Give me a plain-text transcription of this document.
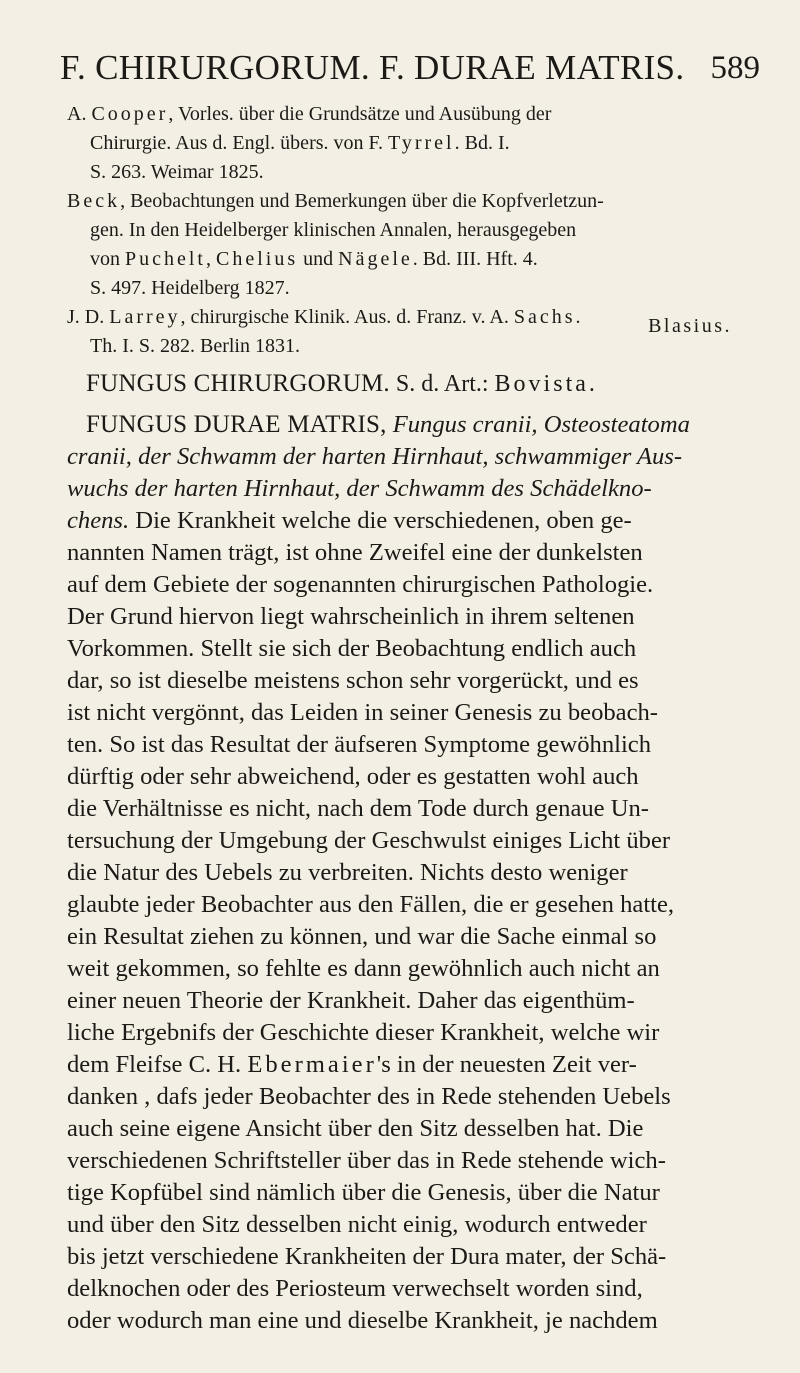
F. CHIRURGORUM. F. DURAE MATRIS. 589
A. Cooper, Vorles. über die Grundsätze und Ausübung der
Chirurgie. Aus d. Engl. übers. von F. Tyrrel. Bd. I.
S. 263. Weimar 1825.
Beck, Beobachtungen und Bemerkungen über die Kopfverletzun-
gen. In den Heidelberger klinischen Annalen, herausgegeben
von Puchelt, Chelius und Nägele. Bd. III. Hft. 4.
S. 497. Heidelberg 1827.
J. D. Larrey, chirurgische Klinik. Aus. d. Franz. v. A. Sachs.
Th. I. S. 282. Berlin 1831.
Blasius.
FUNGUS CHIRURGORUM. S. d. Art.: Bovista.
FUNGUS DURAE MATRIS, Fungus cranii, Osteosteatoma
cranii, der Schwamm der harten Hirnhaut, schwammiger Aus-
wuchs der harten Hirnhaut, der Schwamm des Schädelkno-
chens. Die Krankheit welche die verschiedenen, oben ge-
nannten Namen trägt, ist ohne Zweifel eine der dunkelsten
auf dem Gebiete der sogenannten chirurgischen Pathologie.
Der Grund hiervon liegt wahrscheinlich in ihrem seltenen
Vorkommen. Stellt sie sich der Beobachtung endlich auch
dar, so ist dieselbe meistens schon sehr vorgerückt, und es
ist nicht vergönnt, das Leiden in seiner Genesis zu beobach-
ten. So ist das Resultat der äufseren Symptome gewöhnlich
dürftig oder sehr abweichend, oder es gestatten wohl auch
die Verhältnisse es nicht, nach dem Tode durch genaue Un-
tersuchung der Umgebung der Geschwulst einiges Licht über
die Natur des Uebels zu verbreiten. Nichts desto weniger
glaubte jeder Beobachter aus den Fällen, die er gesehen hatte,
ein Resultat ziehen zu können, und war die Sache einmal so
weit gekommen, so fehlte es dann gewöhnlich auch nicht an
einer neuen Theorie der Krankheit. Daher das eigenthüm-
liche Ergebnifs der Geschichte dieser Krankheit, welche wir
dem Fleifse C. H. Ebermaier's in der neuesten Zeit ver-
danken , dafs jeder Beobachter des in Rede stehenden Uebels
auch seine eigene Ansicht über den Sitz desselben hat. Die
verschiedenen Schriftsteller über das in Rede stehende wich-
tige Kopfübel sind nämlich über die Genesis, über die Natur
und über den Sitz desselben nicht einig, wodurch entweder
bis jetzt verschiedene Krankheiten der Dura mater, der Schä-
delknochen oder des Periosteum verwechselt worden sind,
oder wodurch man eine und dieselbe Krankheit, je nachdem
